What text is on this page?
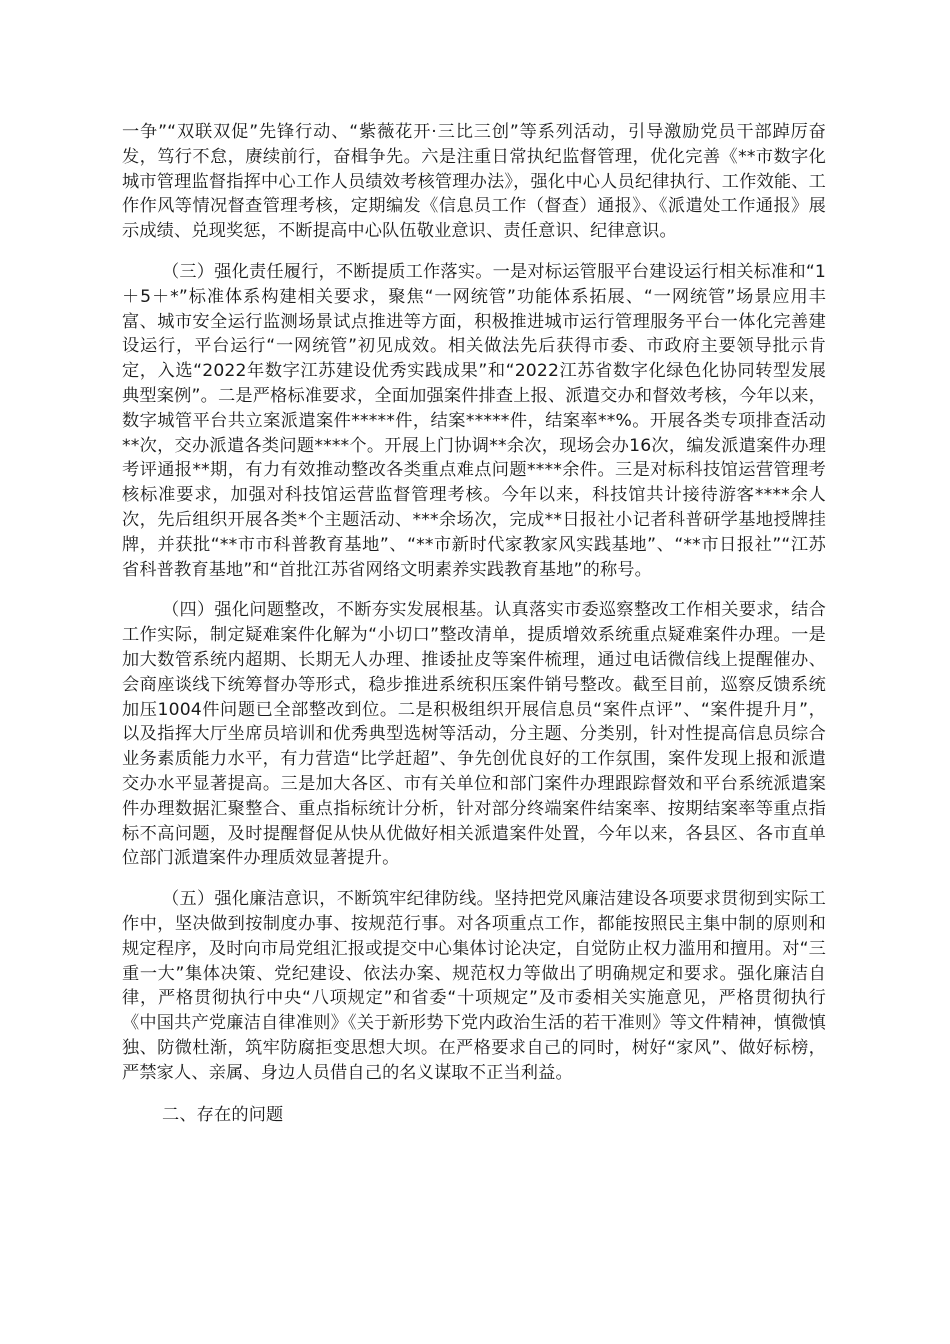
一争”“双联双促”先锋行动、“紫薇花开·三比三创”等系列活动，引导激励党员干部踔厉奋发，笃行不怠，赓续前行，奋楫争先。六是注重日常执纪监督管理，优化完善《**市数字化城市管理监督指挥中心工作人员绩效考核管理办法》，强化中心人员纪律执行、工作效能、工作作风等情况督查管理考核，定期编发《信息员工作（督查）通报》、《派遣处工作通报》展示成绩、兑现奖惩，不断提高中心队伍敬业意识、责任意识、纪律意识。

（三）强化责任履行，不断提质工作落实。一是对标运管服平台建设运行相关标准和“1＋5＋*”标准体系构建相关要求，聚焦“一网统管”功能体系拓展、“一网统管”场景应用丰富、城市安全运行监测场景试点推进等方面，积极推进城市运行管理服务平台一体化完善建设运行，平台运行“一网统管”初见成效。相关做法先后获得市委、市政府主要领导批示肯定，入选“2022年数字江苏建设优秀实践成果”和“2022江苏省数字化绿色化协同转型发展典型案例”。二是严格标准要求，全面加强案件排查上报、派遣交办和督效考核，今年以来，数字城管平台共立案派遣案件*****件，结案*****件，结案率**%。开展各类专项排查活动**次，交办派遣各类问题****个。开展上门协调**余次，现场会办16次，编发派遣案件办理考评通报**期，有力有效推动整改各类重点难点问题****余件。三是对标科技馆运营管理考核标准要求，加强对科技馆运营监督管理考核。今年以来，科技馆共计接待游客****余人次，先后组织开展各类*个主题活动、***余场次，完成**日报社小记者科普研学基地授牌挂牌，并获批“**市市科普教育基地”、“**市新时代家教家风实践基地”、“**市日报社”“江苏省科普教育基地”和“首批江苏省网络文明素养实践教育基地”的称号。

（四）强化问题整改，不断夯实发展根基。认真落实市委巡察整改工作相关要求，结合工作实际，制定疑难案件化解为“小切口”整改清单，提质增效系统重点疑难案件办理。一是加大数管系统内超期、长期无人办理、推诿扯皮等案件梳理，通过电话微信线上提醒催办、会商座谈线下统筹督办等形式，稳步推进系统积压案件销号整改。截至目前，巡察反馈系统加压1004件问题已全部整改到位。二是积极组织开展信息员“案件点评”、“案件提升月”，以及指挥大厅坐席员培训和优秀典型选树等活动，分主题、分类别，针对性提高信息员综合业务素质能力水平，有力营造“比学赶超”、争先创优良好的工作氛围，案件发现上报和派遣交办水平显著提高。三是加大各区、市有关单位和部门案件办理跟踪督效和平台系统派遣案件办理数据汇聚整合、重点指标统计分析，针对部分终端案件结案率、按期结案率等重点指标不高问题，及时提醒督促从快从优做好相关派遣案件处置，今年以来，各县区、各市直单位部门派遣案件办理质效显著提升。

（五）强化廉洁意识，不断筑牢纪律防线。坚持把党风廉洁建设各项要求贯彻到实际工作中，坚决做到按制度办事、按规范行事。对各项重点工作，都能按照民主集中制的原则和规定程序，及时向市局党组汇报或提交中心集体讨论决定，自觉防止权力滥用和擅用。对“三重一大”集体决策、党纪建设、依法办案、规范权力等做出了明确规定和要求。强化廉洁自律，严格贯彻执行中央“八项规定”和省委“十项规定”及市委相关实施意见，严格贯彻执行《中国共产党廉洁自律准则》《关于新形势下党内政治生活的若干准则》等文件精神，慎微慎独、防微杜渐，筑牢防腐拒变思想大坝。在严格要求自己的同时，树好“家风”、做好标榜，严禁家人、亲属、身边人员借自己的名义谋取不正当利益。

二、存在的问题
